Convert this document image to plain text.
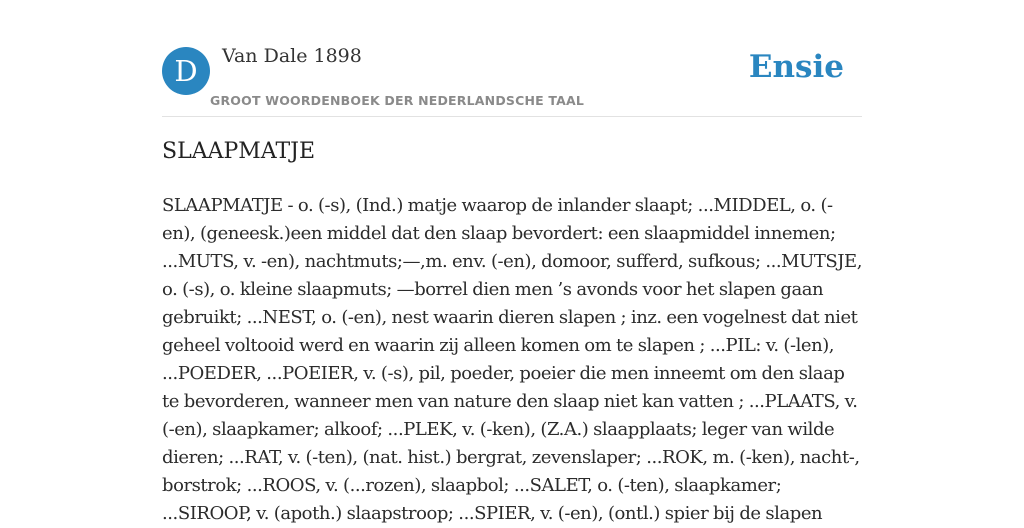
D	Van Dale 1898
GROOT WOORDENBOEK DER NEDERLANDSCHE TAAL
Ensie
SLAAPMATJE

SLAAPMATJE - o. (-s), (Ind.) matje waarop de inlander slaapt; ...MIDDEL, o. (-en), (geneesk.)een middel dat den slaap bevordert: een slaapmiddel innemen; ...MUTS, v. -en), nachtmuts;—,m. env. (-en), domoor, sufferd, sufkous; ...MUTSJE, o. (-s), o. kleine slaapmuts; —borrel dien men ’s avonds voor het slapen gaan gebruikt; ...NEST, o. (-en), nest waarin dieren slapen ; inz. een vogelnest dat niet geheel voltooid werd en waarin zij alleen komen om te slapen ; ...PIL: v. (-len), ...POEDER, ...POEIER, v. (-s), pil, poeder, poeier die men inneemt om den slaap te bevorderen, wanneer men van nature den slaap niet kan vatten ; ...PLAATS, v. (-en), slaapkamer; alkoof; ...PLEK, v. (-ken), (Z.A.) slaapplaats; leger van wilde dieren; ...RAT, v. (-ten), (nat. hist.) bergrat, zevenslaper; ...ROK, m. (-ken), nacht-, borstrok; ...ROOS, v. (...rozen), slaapbol; ...SALET, o. (-ten), slaapkamer; ...SIROOP, v. (apoth.) slaapstroop; ...SPIER, v. (-en), (ontl.) spier bij de slapen
